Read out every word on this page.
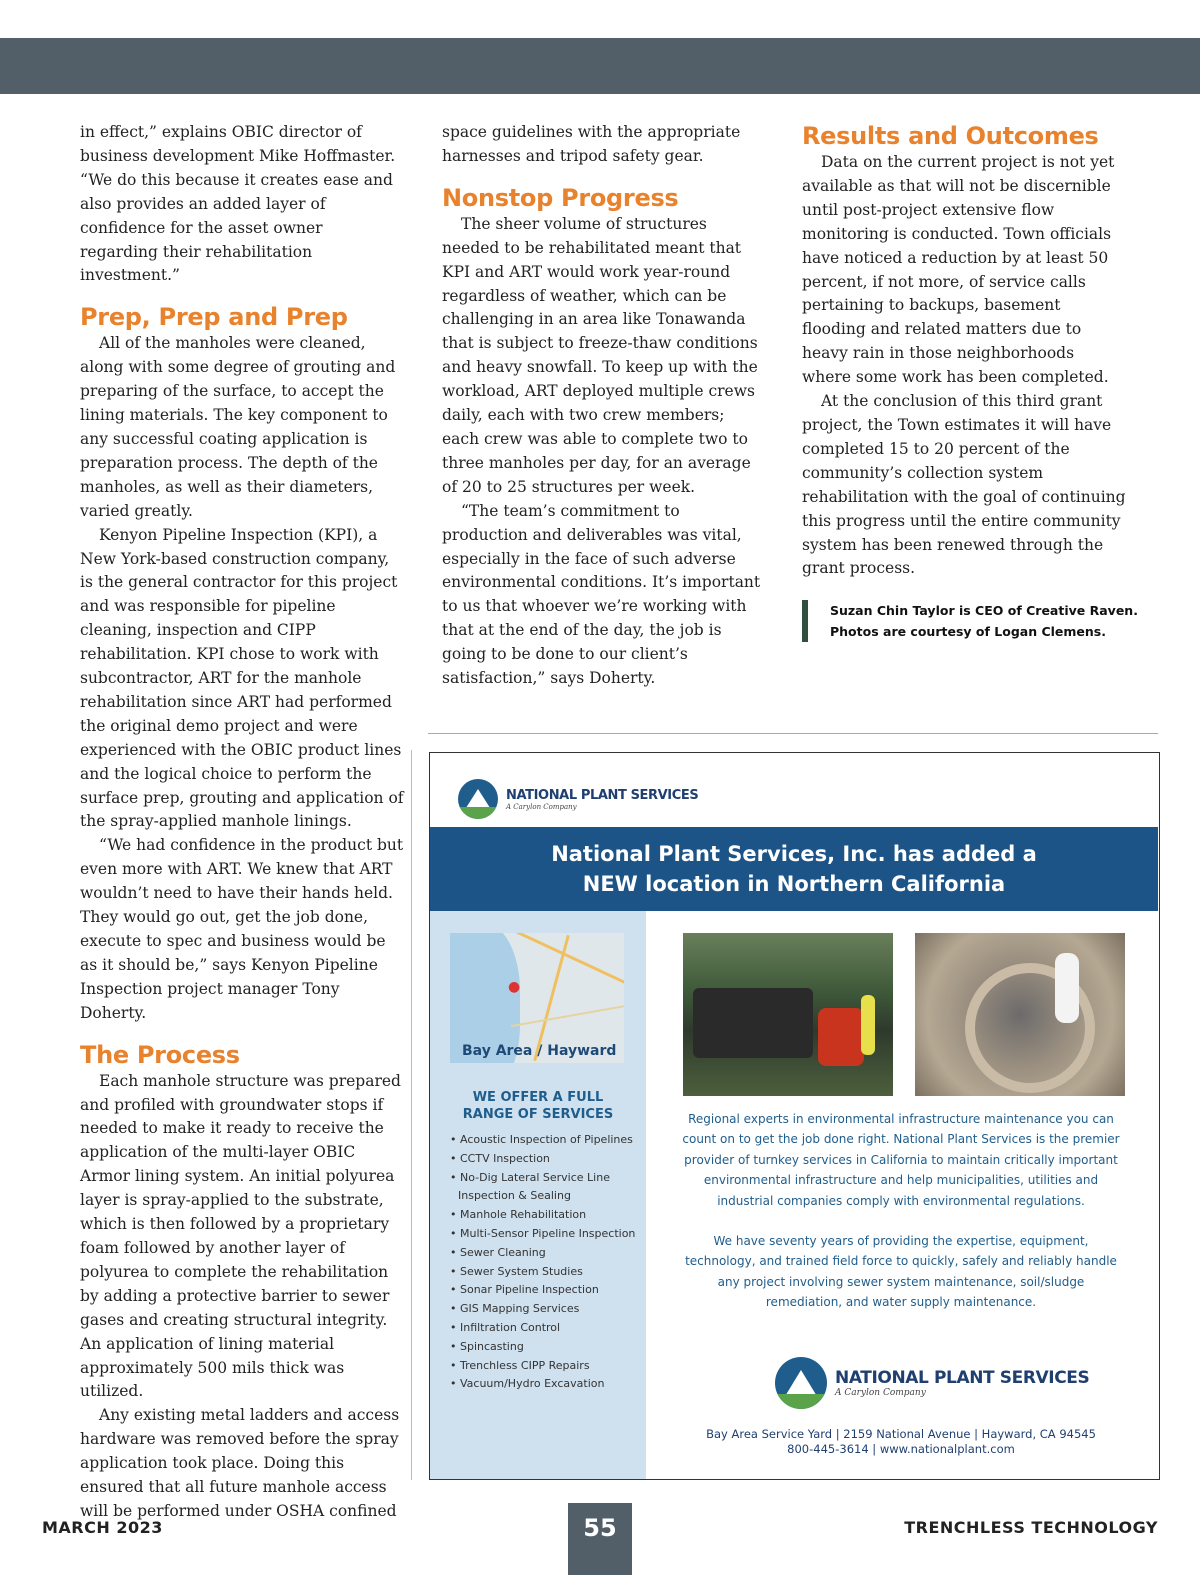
in effect,” explains OBIC director of business development Mike Hoffmaster. “We do this because it creates ease and also provides an added layer of confidence for the asset owner regarding their rehabilitation investment.”

Prep, Prep and Prep

All of the manholes were cleaned, along with some degree of grouting and preparing of the surface, to accept the lining materials. The key component to any successful coating application is preparation process. The depth of the manholes, as well as their diameters, varied greatly.

Kenyon Pipeline Inspection (KPI), a New York-based construction company, is the general contractor for this project and was responsible for pipeline cleaning, inspection and CIPP rehabilitation. KPI chose to work with subcontractor, ART for the manhole rehabilitation since ART had performed the original demo project and were experienced with the OBIC product lines and the logical choice to perform the surface prep, grouting and application of the spray-applied manhole linings.

“We had confidence in the product but even more with ART. We knew that ART wouldn’t need to have their hands held. They would go out, get the job done, execute to spec and business would be as it should be,” says Kenyon Pipeline Inspection project manager Tony Doherty.

The Process

Each manhole structure was prepared and profiled with groundwater stops if needed to make it ready to receive the application of the multi-layer OBIC Armor lining system. An initial polyurea layer is spray-applied to the substrate, which is then followed by a proprietary foam followed by another layer of polyurea to complete the rehabilitation by adding a protective barrier to sewer gases and creating structural integrity. An application of lining material approximately 500 mils thick was utilized.

Any existing metal ladders and access hardware was removed before the spray application took place. Doing this ensured that all future manhole access will be performed under OSHA confined

space guidelines with the appropriate harnesses and tripod safety gear.

Nonstop Progress

The sheer volume of structures needed to be rehabilitated meant that KPI and ART would work year-round regardless of weather, which can be challenging in an area like Tonawanda that is subject to freeze-thaw conditions and heavy snowfall. To keep up with the workload, ART deployed multiple crews daily, each with two crew members; each crew was able to complete two to three manholes per day, for an average of 20 to 25 structures per week.

“The team’s commitment to production and deliverables was vital, especially in the face of such adverse environmental conditions. It’s important to us that whoever we’re working with that at the end of the day, the job is going to be done to our client’s satisfaction,” says Doherty.

Results and Outcomes

Data on the current project is not yet available as that will not be discernible until post-project extensive flow monitoring is conducted. Town officials have noticed a reduction by at least 50 percent, if not more, of service calls pertaining to backups, basement flooding and related matters due to heavy rain in those neighborhoods where some work has been completed.

At the conclusion of this third grant project, the Town estimates it will have completed 15 to 20 percent of the community’s collection system rehabilitation with the goal of continuing this progress until the entire community system has been renewed through the grant process.

Suzan Chin Taylor is CEO of Creative Raven. Photos are courtesy of Logan Clemens.
NATIONAL PLANT SERVICES
A Carylon Company
National Plant Services, Inc. has added a
NEW location in Northern California
●
Bay Area / Hayward
WE OFFER A FULL
RANGE OF SERVICES
• Acoustic Inspection of Pipelines
• CCTV Inspection
• No-Dig Lateral Service Line Inspection & Sealing
• Manhole Rehabilitation
• Multi-Sensor Pipeline Inspection
• Sewer Cleaning
• Sewer System Studies
• Sonar Pipeline Inspection
• GIS Mapping Services
• Infiltration Control
• Spincasting
• Trenchless CIPP Repairs
• Vacuum/Hydro Excavation

Regional experts in environmental infrastructure maintenance you can count on to get the job done right. National Plant Services is the premier provider of turnkey services in California to maintain critically important environmental infrastructure and help municipalities, utilities and industrial companies comply with environmental regulations.

We have seventy years of providing the expertise, equipment, technology, and trained field force to quickly, safely and reliably handle any project involving sewer system maintenance, soil/sludge remediation, and water supply maintenance.

NATIONAL PLANT SERVICES
A Carylon Company
Bay Area Service Yard | 2159 National Avenue | Hayward, CA 94545
800-445-3614 | www.nationalplant.com
MARCH 2023	55	TRENCHLESS TECHNOLOGY
